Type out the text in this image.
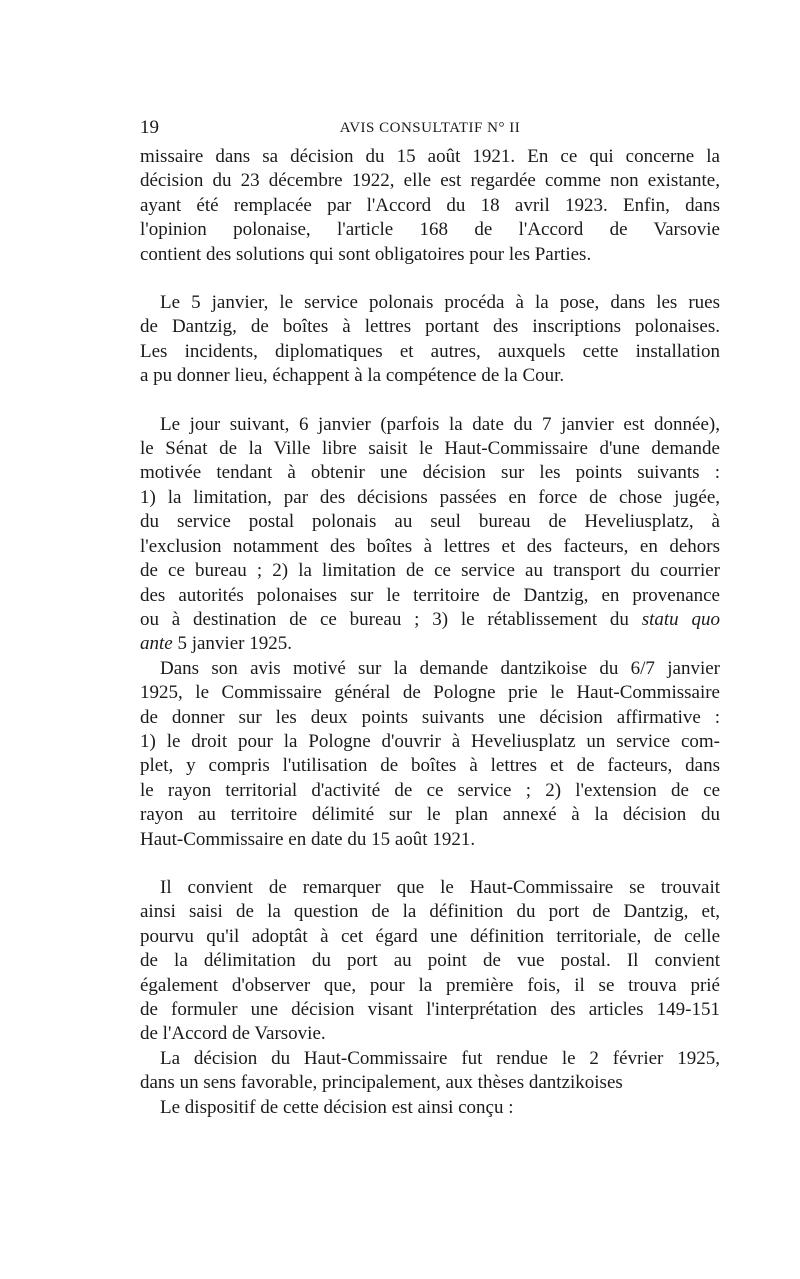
19	AVIS CONSULTATIF N° II
missaire dans sa décision du 15 août 1921. En ce qui concerne la
décision du 23 décembre 1922, elle est regardée comme non existante,
ayant été remplacée par l'Accord du 18 avril 1923. Enfin, dans
l'opinion polonaise, l'article 168 de l'Accord de Varsovie
contient des solutions qui sont obligatoires pour les Parties.
Le 5 janvier, le service polonais procéda à la pose, dans les rues
de Dantzig, de boîtes à lettres portant des inscriptions polonaises.
Les incidents, diplomatiques et autres, auxquels cette installation
a pu donner lieu, échappent à la compétence de la Cour.
Le jour suivant, 6 janvier (parfois la date du 7 janvier est donnée),
le Sénat de la Ville libre saisit le Haut-Commissaire d'une demande
motivée tendant à obtenir une décision sur les points suivants :
1) la limitation, par des décisions passées en force de chose jugée,
du service postal polonais au seul bureau de Heveliusplatz, à
l'exclusion notamment des boîtes à lettres et des facteurs, en dehors
de ce bureau ; 2) la limitation de ce service au transport du courrier
des autorités polonaises sur le territoire de Dantzig, en provenance
ou à destination de ce bureau ; 3) le rétablissement du statu quo
ante 5 janvier 1925.
Dans son avis motivé sur la demande dantzikoise du 6/7 janvier
1925, le Commissaire général de Pologne prie le Haut-Commissaire
de donner sur les deux points suivants une décision affirmative :
1) le droit pour la Pologne d'ouvrir à Heveliusplatz un service com-
plet, y compris l'utilisation de boîtes à lettres et de facteurs, dans
le rayon territorial d'activité de ce service ; 2) l'extension de ce
rayon au territoire délimité sur le plan annexé à la décision du
Haut-Commissaire en date du 15 août 1921.
Il convient de remarquer que le Haut-Commissaire se trouvait
ainsi saisi de la question de la définition du port de Dantzig, et,
pourvu qu'il adoptât à cet égard une définition territoriale, de celle
de la délimitation du port au point de vue postal. Il convient
également d'observer que, pour la première fois, il se trouva prié
de formuler une décision visant l'interprétation des articles 149-151
de l'Accord de Varsovie.
La décision du Haut-Commissaire fut rendue le 2 février 1925,
dans un sens favorable, principalement, aux thèses dantzikoises
Le dispositif de cette décision est ainsi conçu :
